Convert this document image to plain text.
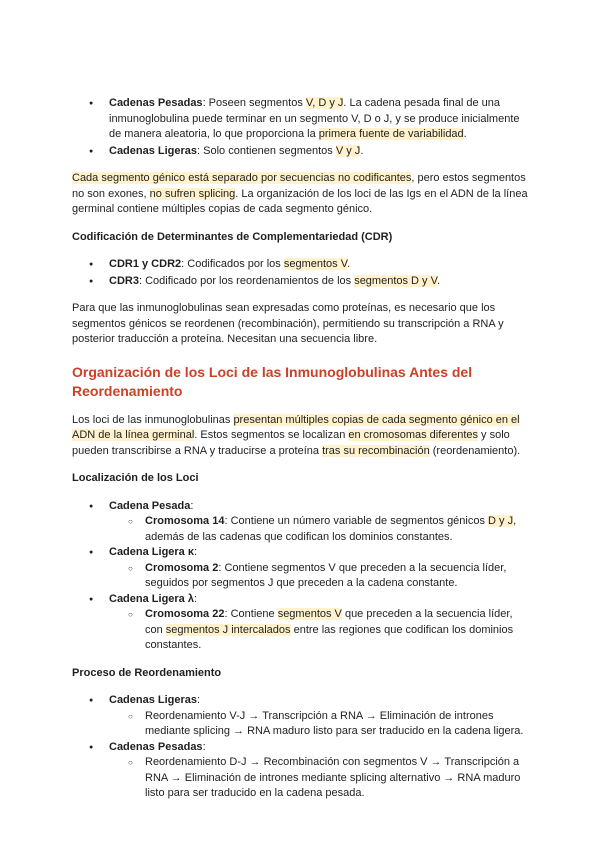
● Cadenas Pesadas: Poseen segmentos V, D y J. La cadena pesada final de una inmunoglobulina puede terminar en un segmento V, D o J, y se produce inicialmente de manera aleatoria, lo que proporciona la primera fuente de variabilidad.
● Cadenas Ligeras: Solo contienen segmentos V y J.

Cada segmento génico está separado por secuencias no codificantes, pero estos segmentos no son exones, no sufren splicing. La organización de los loci de las Igs en el ADN de la línea germinal contiene múltiples copias de cada segmento génico.

Codificación de Determinantes de Complementariedad (CDR)
● CDR1 y CDR2: Codificados por los segmentos V.
● CDR3: Codificado por los reordenamientos de los segmentos D y V.

Para que las inmunoglobulinas sean expresadas como proteínas, es necesario que los segmentos génicos se reordenen (recombinación), permitiendo su transcripción a RNA y posterior traducción a proteína. Necesitan una secuencia libre.

Organización de los Loci de las Inmunoglobulinas Antes del Reordenamiento

Los loci de las inmunoglobulinas presentan múltiples copias de cada segmento génico en el ADN de la línea germinal. Estos segmentos se localizan en cromosomas diferentes y solo pueden transcribirse a RNA y traducirse a proteína tras su recombinación (reordenamiento).

Localización de los Loci
● Cadena Pesada:
○ Cromosoma 14: Contiene un número variable de segmentos génicos D y J, además de las cadenas que codifican los dominios constantes.
● Cadena Ligera κ:
○ Cromosoma 2: Contiene segmentos V que preceden a la secuencia líder, seguidos por segmentos J que preceden a la cadena constante.
● Cadena Ligera λ:
○ Cromosoma 22: Contiene segmentos V que preceden a la secuencia líder, con segmentos J intercalados entre las regiones que codifican los dominios constantes.
Proceso de Reordenamiento
● Cadenas Ligeras:
○ Reordenamiento V-J → Transcripción a RNA → Eliminación de intrones mediante splicing → RNA maduro listo para ser traducido en la cadena ligera.
● Cadenas Pesadas:
○ Reordenamiento D-J → Recombinación con segmentos V → Transcripción a RNA → Eliminación de intrones mediante splicing alternativo → RNA maduro listo para ser traducido en la cadena pesada.
